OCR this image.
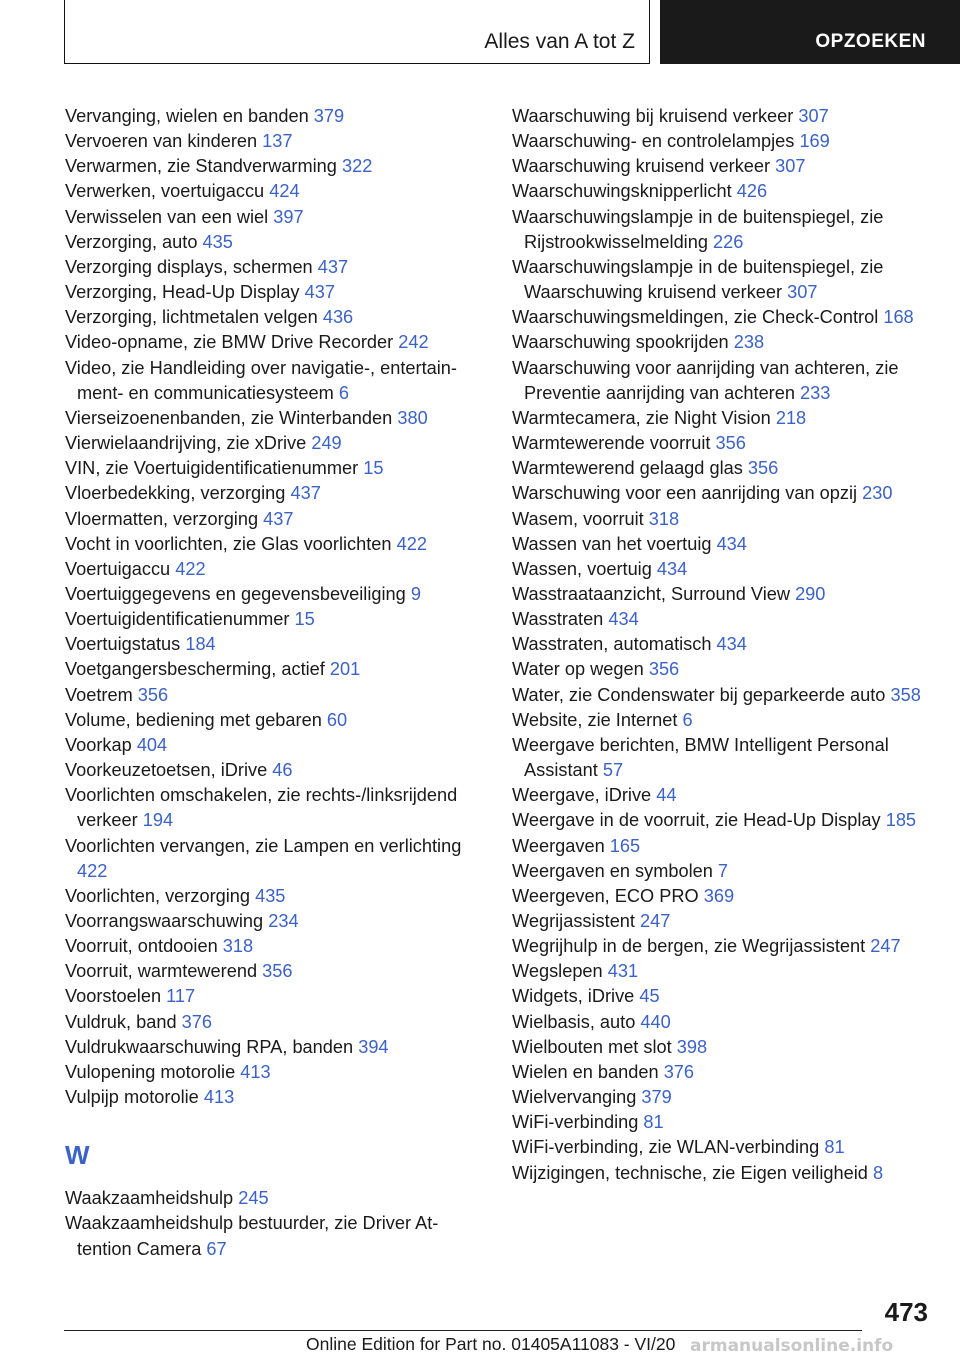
Alles van A tot Z	OPZOEKEN

Vervanging, wielen en banden 379

Vervoeren van kinderen 137

Verwarmen, zie Standverwarming 322

Verwerken, voertuigaccu 424

Verwisselen van een wiel 397

Verzorging, auto 435

Verzorging displays, schermen 437

Verzorging, Head-Up Display 437

Verzorging, lichtmetalen velgen 436

Video-opname, zie BMW Drive Recorder 242

Video, zie Handleiding over navigatie-, entertainment- en communicatiesysteem 6

Vierseizoenenbanden, zie Winterbanden 380

Vierwielaandrijving, zie xDrive 249

VIN, zie Voertuigidentificatienummer 15

Vloerbedekking, verzorging 437

Vloermatten, verzorging 437

Vocht in voorlichten, zie Glas voorlichten 422

Voertuigaccu 422

Voertuiggegevens en gegevensbeveiliging 9

Voertuigidentificatienummer 15

Voertuigstatus 184

Voetgangersbescherming, actief 201

Voetrem 356

Volume, bediening met gebaren 60

Voorkap 404

Voorkeuzetoetsen, iDrive 46

Voorlichten omschakelen, zie rechts-/linksrijdend verkeer 194

Voorlichten vervangen, zie Lampen en verlichting 422

Voorlichten, verzorging 435

Voorrangswaarschuwing 234

Voorruit, ontdooien 318

Voorruit, warmtewerend 356

Voorstoelen 117

Vuldruk, band 376

Vuldrukwaarschuwing RPA, banden 394

Vulopening motorolie 413

Vulpijp motorolie 413

W

Waakzaamheidshulp 245

Waakzaamheidshulp bestuurder, zie Driver Attention Camera 67

Waarschuwing bij kruisend verkeer 307

Waarschuwing- en controlelampjes 169

Waarschuwing kruisend verkeer 307

Waarschuwingsknipperlicht 426

Waarschuwingslampje in de buitenspiegel, zie Rijstrookwisselmelding 226

Waarschuwingslampje in de buitenspiegel, zie Waarschuwing kruisend verkeer 307

Waarschuwingsmeldingen, zie Check-Control 168

Waarschuwing spookrijden 238

Waarschuwing voor aanrijding van achteren, zie Preventie aanrijding van achteren 233

Warmtecamera, zie Night Vision 218

Warmtewerende voorruit 356

Warmtewerend gelaagd glas 356

Warschuwing voor een aanrijding van opzij 230

Wasem, voorruit 318

Wassen van het voertuig 434

Wassen, voertuig 434

Wasstraataanzicht, Surround View 290

Wasstraten 434

Wasstraten, automatisch 434

Water op wegen 356

Water, zie Condenswater bij geparkeerde auto 358

Website, zie Internet 6

Weergave berichten, BMW Intelligent Personal Assistant 57

Weergave, iDrive 44

Weergave in de voorruit, zie Head-Up Display 185

Weergaven 165

Weergaven en symbolen 7

Weergeven, ECO PRO 369

Wegrijassistent 247

Wegrijhulp in de bergen, zie Wegrijassistent 247

Wegslepen 431

Widgets, iDrive 45

Wielbasis, auto 440

Wielbouten met slot 398

Wielen en banden 376

Wielvervanging 379

WiFi-verbinding 81

WiFi-verbinding, zie WLAN-verbinding 81

Wijzigingen, technische, zie Eigen veiligheid 8

473
Online Edition for Part no. 01405A11083 - VI/20 armanualsonline.info
